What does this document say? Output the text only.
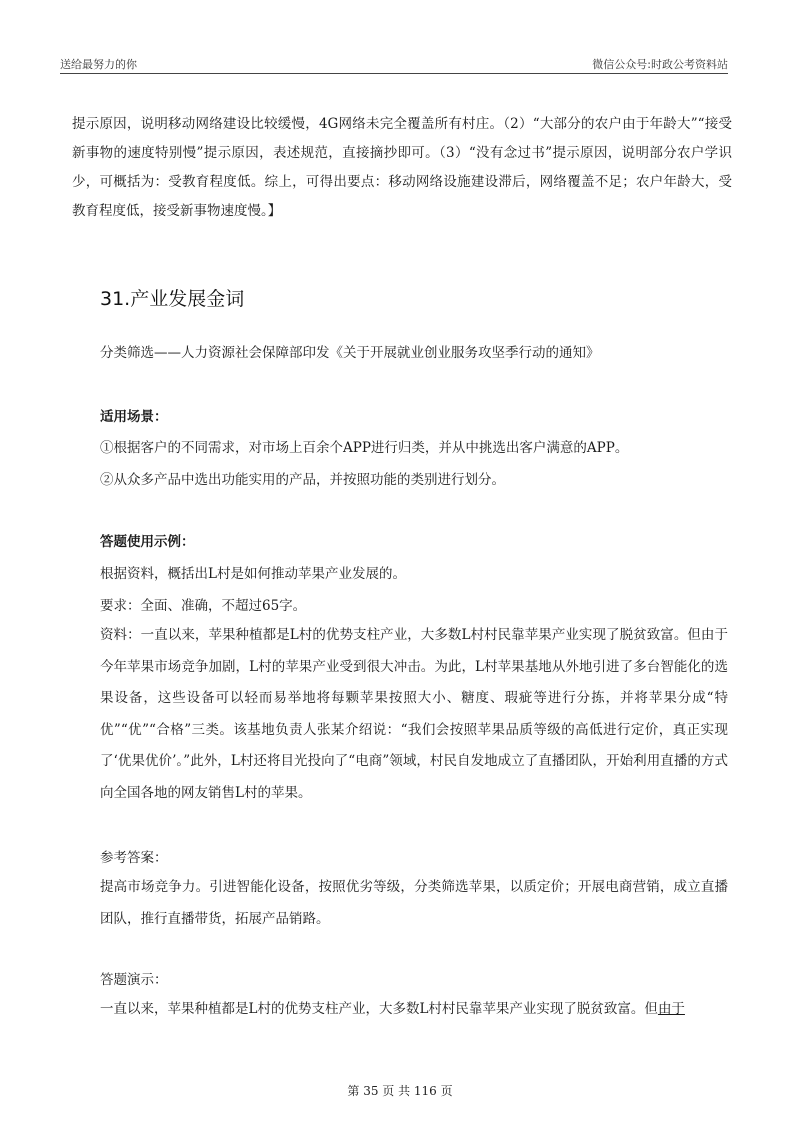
送给最努力的你	微信公众号:时政公考资料站

提示原因，说明移动网络建设比较缓慢，4G网络未完全覆盖所有村庄。（2）“大部分的农户由于年龄大”“接受新事物的速度特别慢”提示原因，表述规范，直接摘抄即可。（3）“没有念过书”提示原因，说明部分农户学识少，可概括为：受教育程度低。综上，可得出要点：移动网络设施建设滞后，网络覆盖不足；农户年龄大，受教育程度低，接受新事物速度慢。】

31.产业发展金词
分类筛选——人力资源社会保障部印发《关于开展就业创业服务攻坚季行动的通知》
适用场景：
①根据客户的不同需求，对市场上百余个APP进行归类，并从中挑选出客户满意的APP。
②从众多产品中选出功能实用的产品，并按照功能的类别进行划分。
答题使用示例：
根据资料，概括出L村是如何推动苹果产业发展的。
要求：全面、准确，不超过65字。

资料：一直以来，苹果种植都是L村的优势支柱产业，大多数L村村民靠苹果产业实现了脱贫致富。但由于今年苹果市场竞争加剧，L村的苹果产业受到很大冲击。为此，L村苹果基地从外地引进了多台智能化的选果设备，这些设备可以轻而易举地将每颗苹果按照大小、糖度、瑕疵等进行分拣，并将苹果分成“特优”“优”“合格”三类。该基地负责人张某介绍说：“我们会按照苹果品质等级的高低进行定价，真正实现了‘优果优价’。”此外，L村还将目光投向了“电商”领域，村民自发地成立了直播团队，开始利用直播的方式向全国各地的网友销售L村的苹果。

参考答案：

提高市场竞争力。引进智能化设备，按照优劣等级，分类筛选苹果，以质定价；开展电商营销，成立直播团队，推行直播带货，拓展产品销路。

答题演示：

一直以来，苹果种植都是L村的优势支柱产业，大多数L村村民靠苹果产业实现了脱贫致富。但由于

第 35 页 共 116 页
